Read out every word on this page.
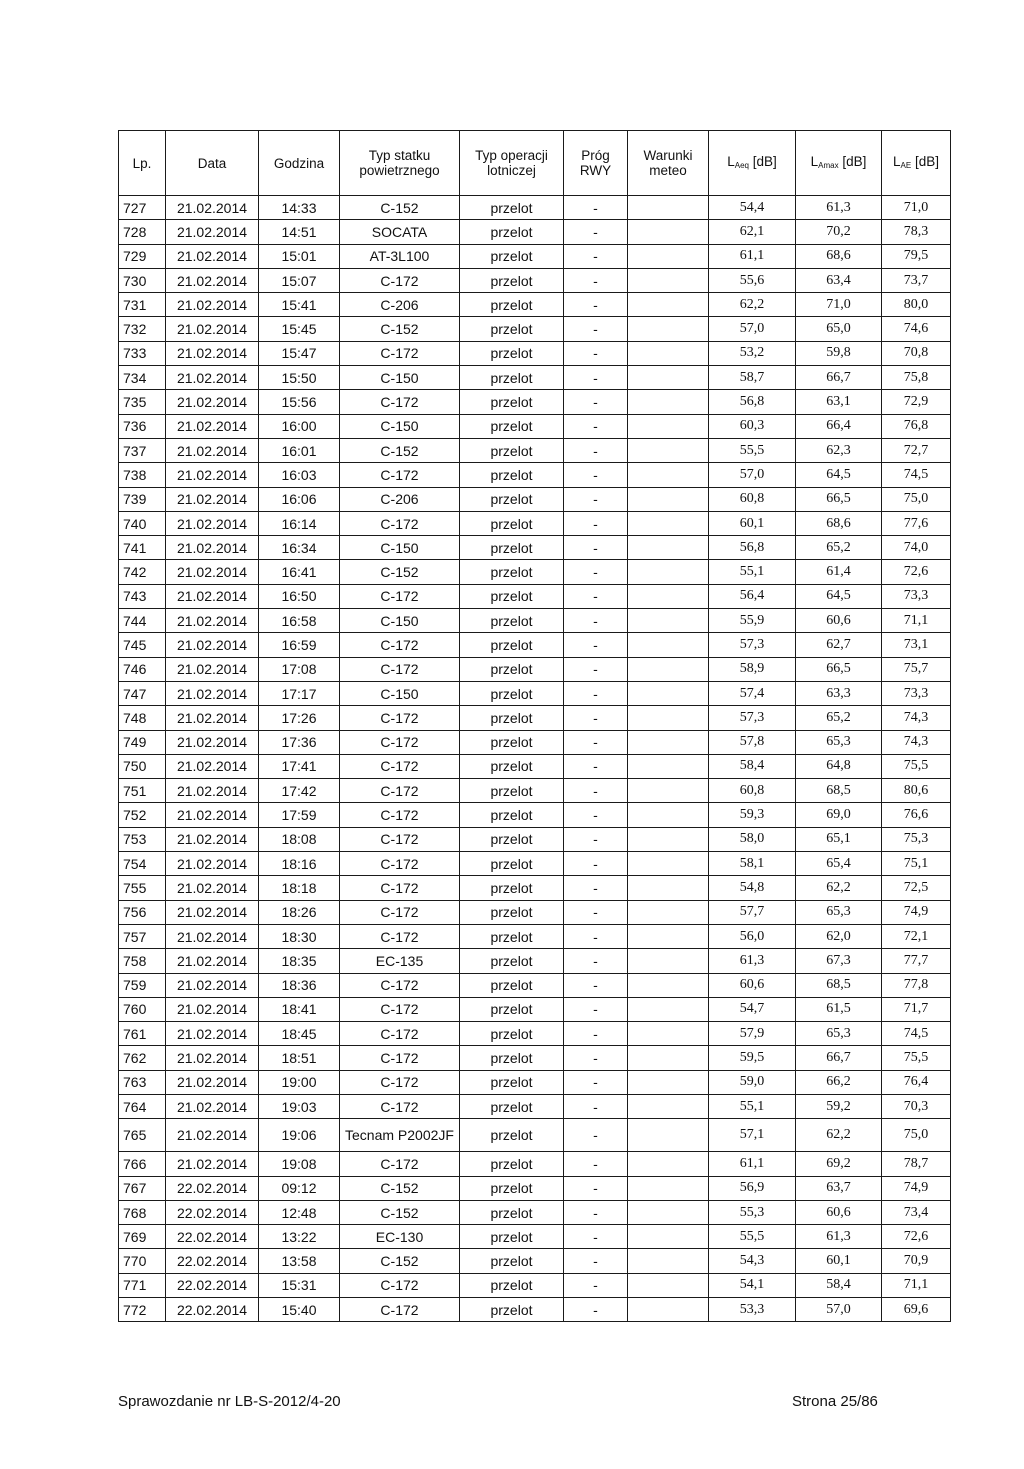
Lp.	Data	Godzina	Typ statku powietrznego	Typ operacji lotniczej	Próg RWY	Warunki meteo	$L_{Aeq}$ [dB]	$L_{Amax}$ [dB]	$L_{AE}$ [dB]
727	21.02.2014	14:33	C-152	przelot	-		54,4	61,3	71,0
728	21.02.2014	14:51	SOCATA	przelot	-		62,1	70,2	78,3
729	21.02.2014	15:01	AT-3L100	przelot	-		61,1	68,6	79,5
730	21.02.2014	15:07	C-172	przelot	-		55,6	63,4	73,7
731	21.02.2014	15:41	C-206	przelot	-		62,2	71,0	80,0
732	21.02.2014	15:45	C-152	przelot	-		57,0	65,0	74,6
733	21.02.2014	15:47	C-172	przelot	-		53,2	59,8	70,8
734	21.02.2014	15:50	C-150	przelot	-		58,7	66,7	75,8
735	21.02.2014	15:56	C-172	przelot	-		56,8	63,1	72,9
736	21.02.2014	16:00	C-150	przelot	-		60,3	66,4	76,8
737	21.02.2014	16:01	C-152	przelot	-		55,5	62,3	72,7
738	21.02.2014	16:03	C-172	przelot	-		57,0	64,5	74,5
739	21.02.2014	16:06	C-206	przelot	-		60,8	66,5	75,0
740	21.02.2014	16:14	C-172	przelot	-		60,1	68,6	77,6
741	21.02.2014	16:34	C-150	przelot	-		56,8	65,2	74,0
742	21.02.2014	16:41	C-152	przelot	-		55,1	61,4	72,6
743	21.02.2014	16:50	C-172	przelot	-		56,4	64,5	73,3
744	21.02.2014	16:58	C-150	przelot	-		55,9	60,6	71,1
745	21.02.2014	16:59	C-172	przelot	-		57,3	62,7	73,1
746	21.02.2014	17:08	C-172	przelot	-		58,9	66,5	75,7
747	21.02.2014	17:17	C-150	przelot	-		57,4	63,3	73,3
748	21.02.2014	17:26	C-172	przelot	-		57,3	65,2	74,3
749	21.02.2014	17:36	C-172	przelot	-		57,8	65,3	74,3
750	21.02.2014	17:41	C-172	przelot	-		58,4	64,8	75,5
751	21.02.2014	17:42	C-172	przelot	-		60,8	68,5	80,6
752	21.02.2014	17:59	C-172	przelot	-		59,3	69,0	76,6
753	21.02.2014	18:08	C-172	przelot	-		58,0	65,1	75,3
754	21.02.2014	18:16	C-172	przelot	-		58,1	65,4	75,1
755	21.02.2014	18:18	C-172	przelot	-		54,8	62,2	72,5
756	21.02.2014	18:26	C-172	przelot	-		57,7	65,3	74,9
757	21.02.2014	18:30	C-172	przelot	-		56,0	62,0	72,1
758	21.02.2014	18:35	EC-135	przelot	-		61,3	67,3	77,7
759	21.02.2014	18:36	C-172	przelot	-		60,6	68,5	77,8
760	21.02.2014	18:41	C-172	przelot	-		54,7	61,5	71,7
761	21.02.2014	18:45	C-172	przelot	-		57,9	65,3	74,5
762	21.02.2014	18:51	C-172	przelot	-		59,5	66,7	75,5
763	21.02.2014	19:00	C-172	przelot	-		59,0	66,2	76,4
764	21.02.2014	19:03	C-172	przelot	-		55,1	59,2	70,3
765	21.02.2014	19:06	Tecnam P2002JF	przelot	-		57,1	62,2	75,0
766	21.02.2014	19:08	C-172	przelot	-		61,1	69,2	78,7
767	22.02.2014	09:12	C-152	przelot	-		56,9	63,7	74,9
768	22.02.2014	12:48	C-152	przelot	-		55,3	60,6	73,4
769	22.02.2014	13:22	EC-130	przelot	-		55,5	61,3	72,6
770	22.02.2014	13:58	C-152	przelot	-		54,3	60,1	70,9
771	22.02.2014	15:31	C-172	przelot	-		54,1	58,4	71,1
772	22.02.2014	15:40	C-172	przelot	-		53,3	57,0	69,6
Sprawozdanie nr LB-S-2012/4-20	Strona 25/86
